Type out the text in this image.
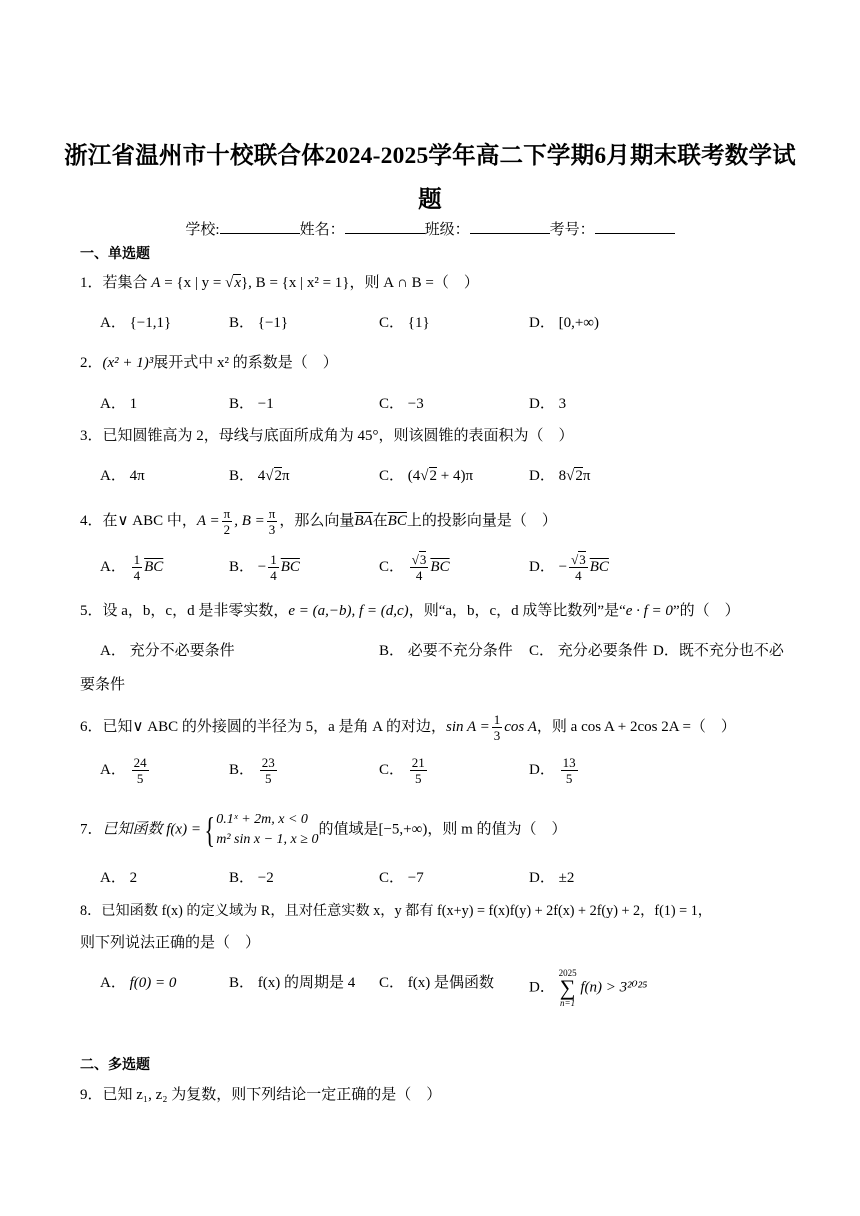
浙江省温州市十校联合体2024-2025学年高二下学期6月期末联考数学试
题
学校:	姓名：	班级：	考号：
一、单选题
1．若集合 A = {x | y = √x}, B = {x | x² = 1}，则 A ∩ B =（　）
A． {−1,1}	B． {−1}	C． {1}	D． [0,+∞)
2．(x² + 1)³展开式中 x² 的系数是（　）
A． 1	B． −1	C． −3	D． 3
3．已知圆锥高为 2，母线与底面所成角为 45°，则该圆锥的表面积为（　）
A． 4π	B． 4√2π	C． (4√2 + 4)π	D． 8√2π
4．在∨ ABC 中，$A = \frac{\pi}{2}$ , $B = \frac{\pi}{3}$ ，那么向量$\overline{BA}$在$\overline{BC}$上的投影向量是（　）
A． $\frac{1}{4} \overline{BC}$	B． − $\frac{1}{4} \overline{BC}$	C． $\frac{√3}{4} \overline{BC}$	D． − $\frac{√3}{4} \overline{BC}$
5．设 a，b，c，d 是非零实数，e = (a,−b), f = (d,c)，则“a，b，c，d 成等比数列”是“e · f = 0”的（　）
A． 充分不必要条件	B． 必要不充分条件 C． 充分必要条件 D．既不充分也不必
要条件
6．已知∨ ABC 的外接圆的半径为 5，a 是角 A 的对边，$\sin A = \frac{1}{3}$ cos A，则 a cos A + 2cos 2A =（　）
A． $\frac{24}{5}$	B． $\frac{23}{5}$	C． $\frac{21}{5}$	D． $\frac{13}{5}$
7．已知函数 f(x) ={ 0.1ˣ + 2m, x < 0
m² sin x − 1, x ≥ 0
的值域是[−5,+∞)，则 m 的值为（　）
A． 2	B． −2	C． −7	D． ±2
8．已知函数 f(x) 的定义域为 R，且对任意实数 x，y 都有 f(x+y) = f(x)f(y) + 2f(x) + 2f(y) + 2，f(1) = 1，
则下列说法正确的是（　）
A． f(0) = 0	B． f(x) 的周期是 4 C． f(x) 是偶函数 D．
2025
∑
n=1
f(n) > 3²⁰²⁵
二、多选题
9．已知 z₁, z₂ 为复数，则下列结论一定正确的是（　）
